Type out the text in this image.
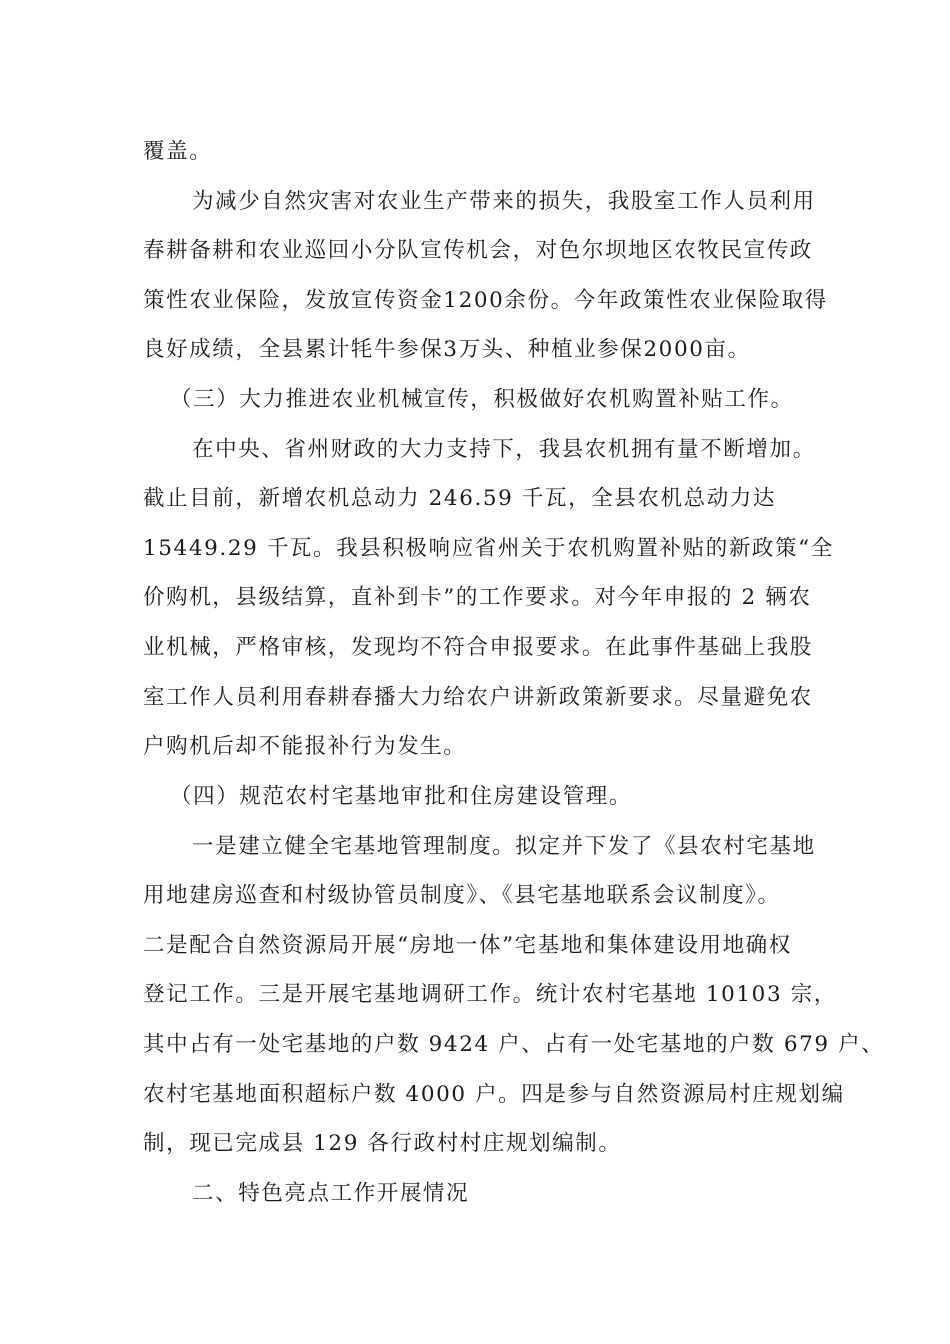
覆盖。
为减少自然灾害对农业生产带来的损失，我股室工作人员利用
春耕备耕和农业巡回小分队宣传机会，对色尔坝地区农牧民宣传政
策性农业保险，发放宣传资金1200余份。今年政策性农业保险取得
良好成绩，全县累计牦牛参保3万头、种植业参保2000亩。
（三）大力推进农业机械宣传，积极做好农机购置补贴工作。
在中央、省州财政的大力支持下，我县农机拥有量不断增加。
截止目前，新增农机总动力 246.59 千瓦，全县农机总动力达
15449.29 千瓦。我县积极响应省州关于农机购置补贴的新政策“全
价购机，县级结算，直补到卡”的工作要求。对今年申报的 2 辆农
业机械，严格审核，发现均不符合申报要求。在此事件基础上我股
室工作人员利用春耕春播大力给农户讲新政策新要求。尽量避免农
户购机后却不能报补行为发生。
（四）规范农村宅基地审批和住房建设管理。
一是建立健全宅基地管理制度。拟定并下发了《县农村宅基地
用地建房巡查和村级协管员制度》、《县宅基地联系会议制度》。
二是配合自然资源局开展“房地一体”宅基地和集体建设用地确权
登记工作。三是开展宅基地调研工作。统计农村宅基地 10103 宗，
其中占有一处宅基地的户数 9424 户、占有一处宅基地的户数 679 户、
农村宅基地面积超标户数 4000 户。四是参与自然资源局村庄规划编
制，现已完成县 129 各行政村村庄规划编制。
二、特色亮点工作开展情况
